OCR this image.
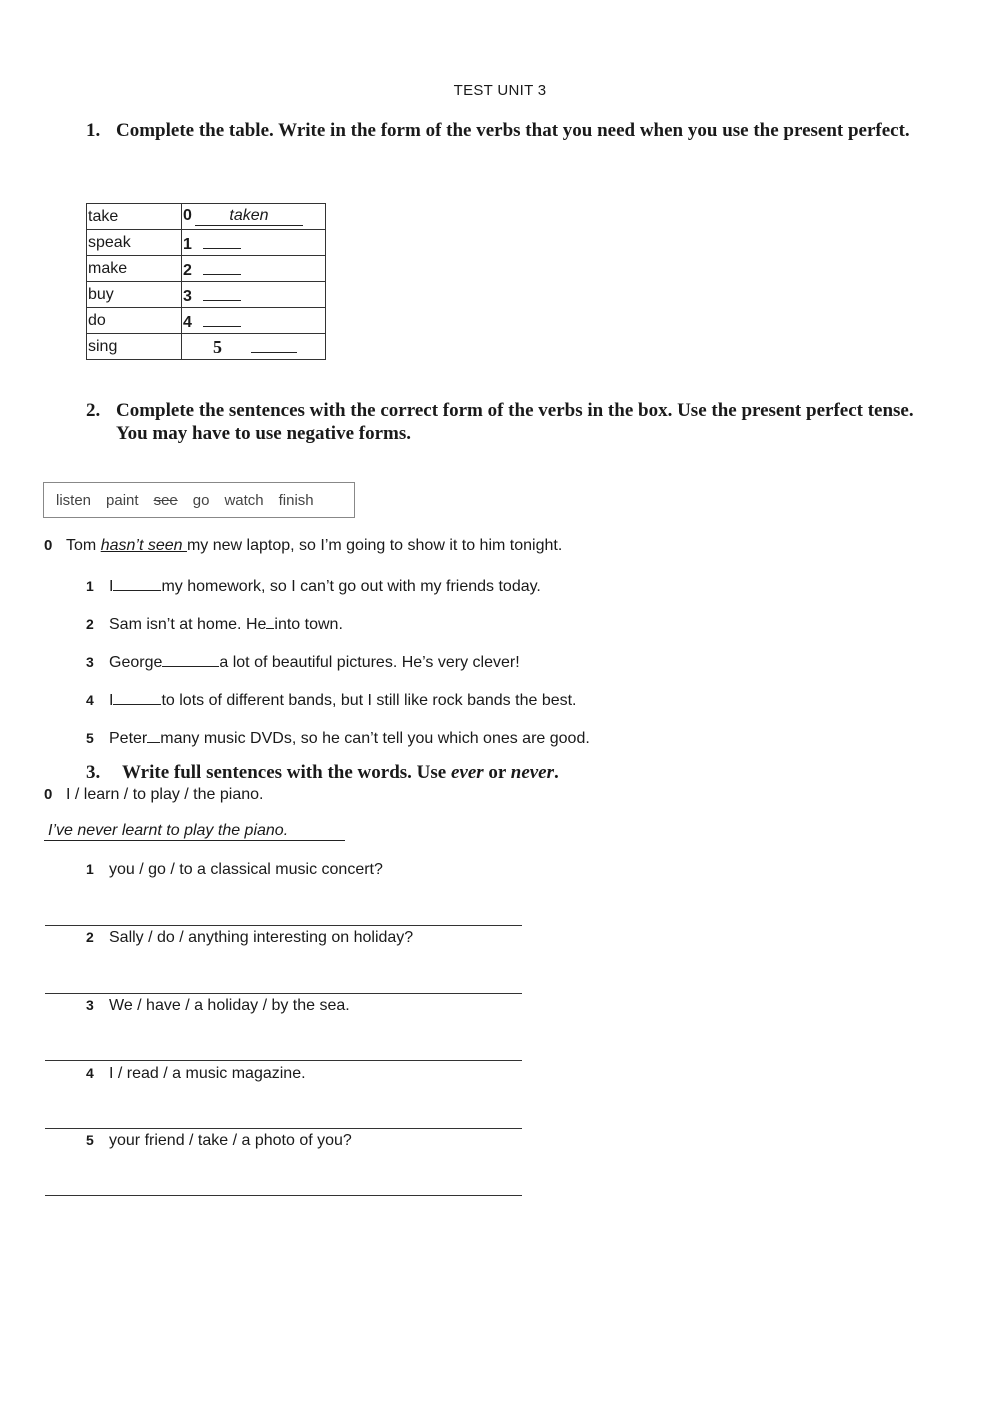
TEST UNIT 3
1. Complete the table. Write in the form of the verbs that you need when you use the present perfect.
take	0 taken
speak	1
make	2
buy	3
do	4
sing	5
2. Complete the sentences with the correct form of the verbs in the box. Use the present perfect tense. You may have to use negative forms.
listen paint see go watch finish
0 Tom hasn’t seen my new laptop, so I’m going to show it to him tonight.
1 I	my homework, so I can’t go out with my friends today.
2 Sam isn’t at home. He into town.
3 George	a lot of beautiful pictures. He’s very clever!
4 I	to lots of different bands, but I still like rock bands the best.
5 Peter many music DVDs, so he can’t tell you which ones are good.
3.	Write full sentences with the words. Use ever or never.
0 I / learn / to play / the piano.
I’ve never learnt to play the piano.
1 you / go / to a classical music concert?
2 Sally / do / anything interesting on holiday?
3 We / have / a holiday / by the sea.
4 I / read / a music magazine.
5 your friend / take / a photo of you?
